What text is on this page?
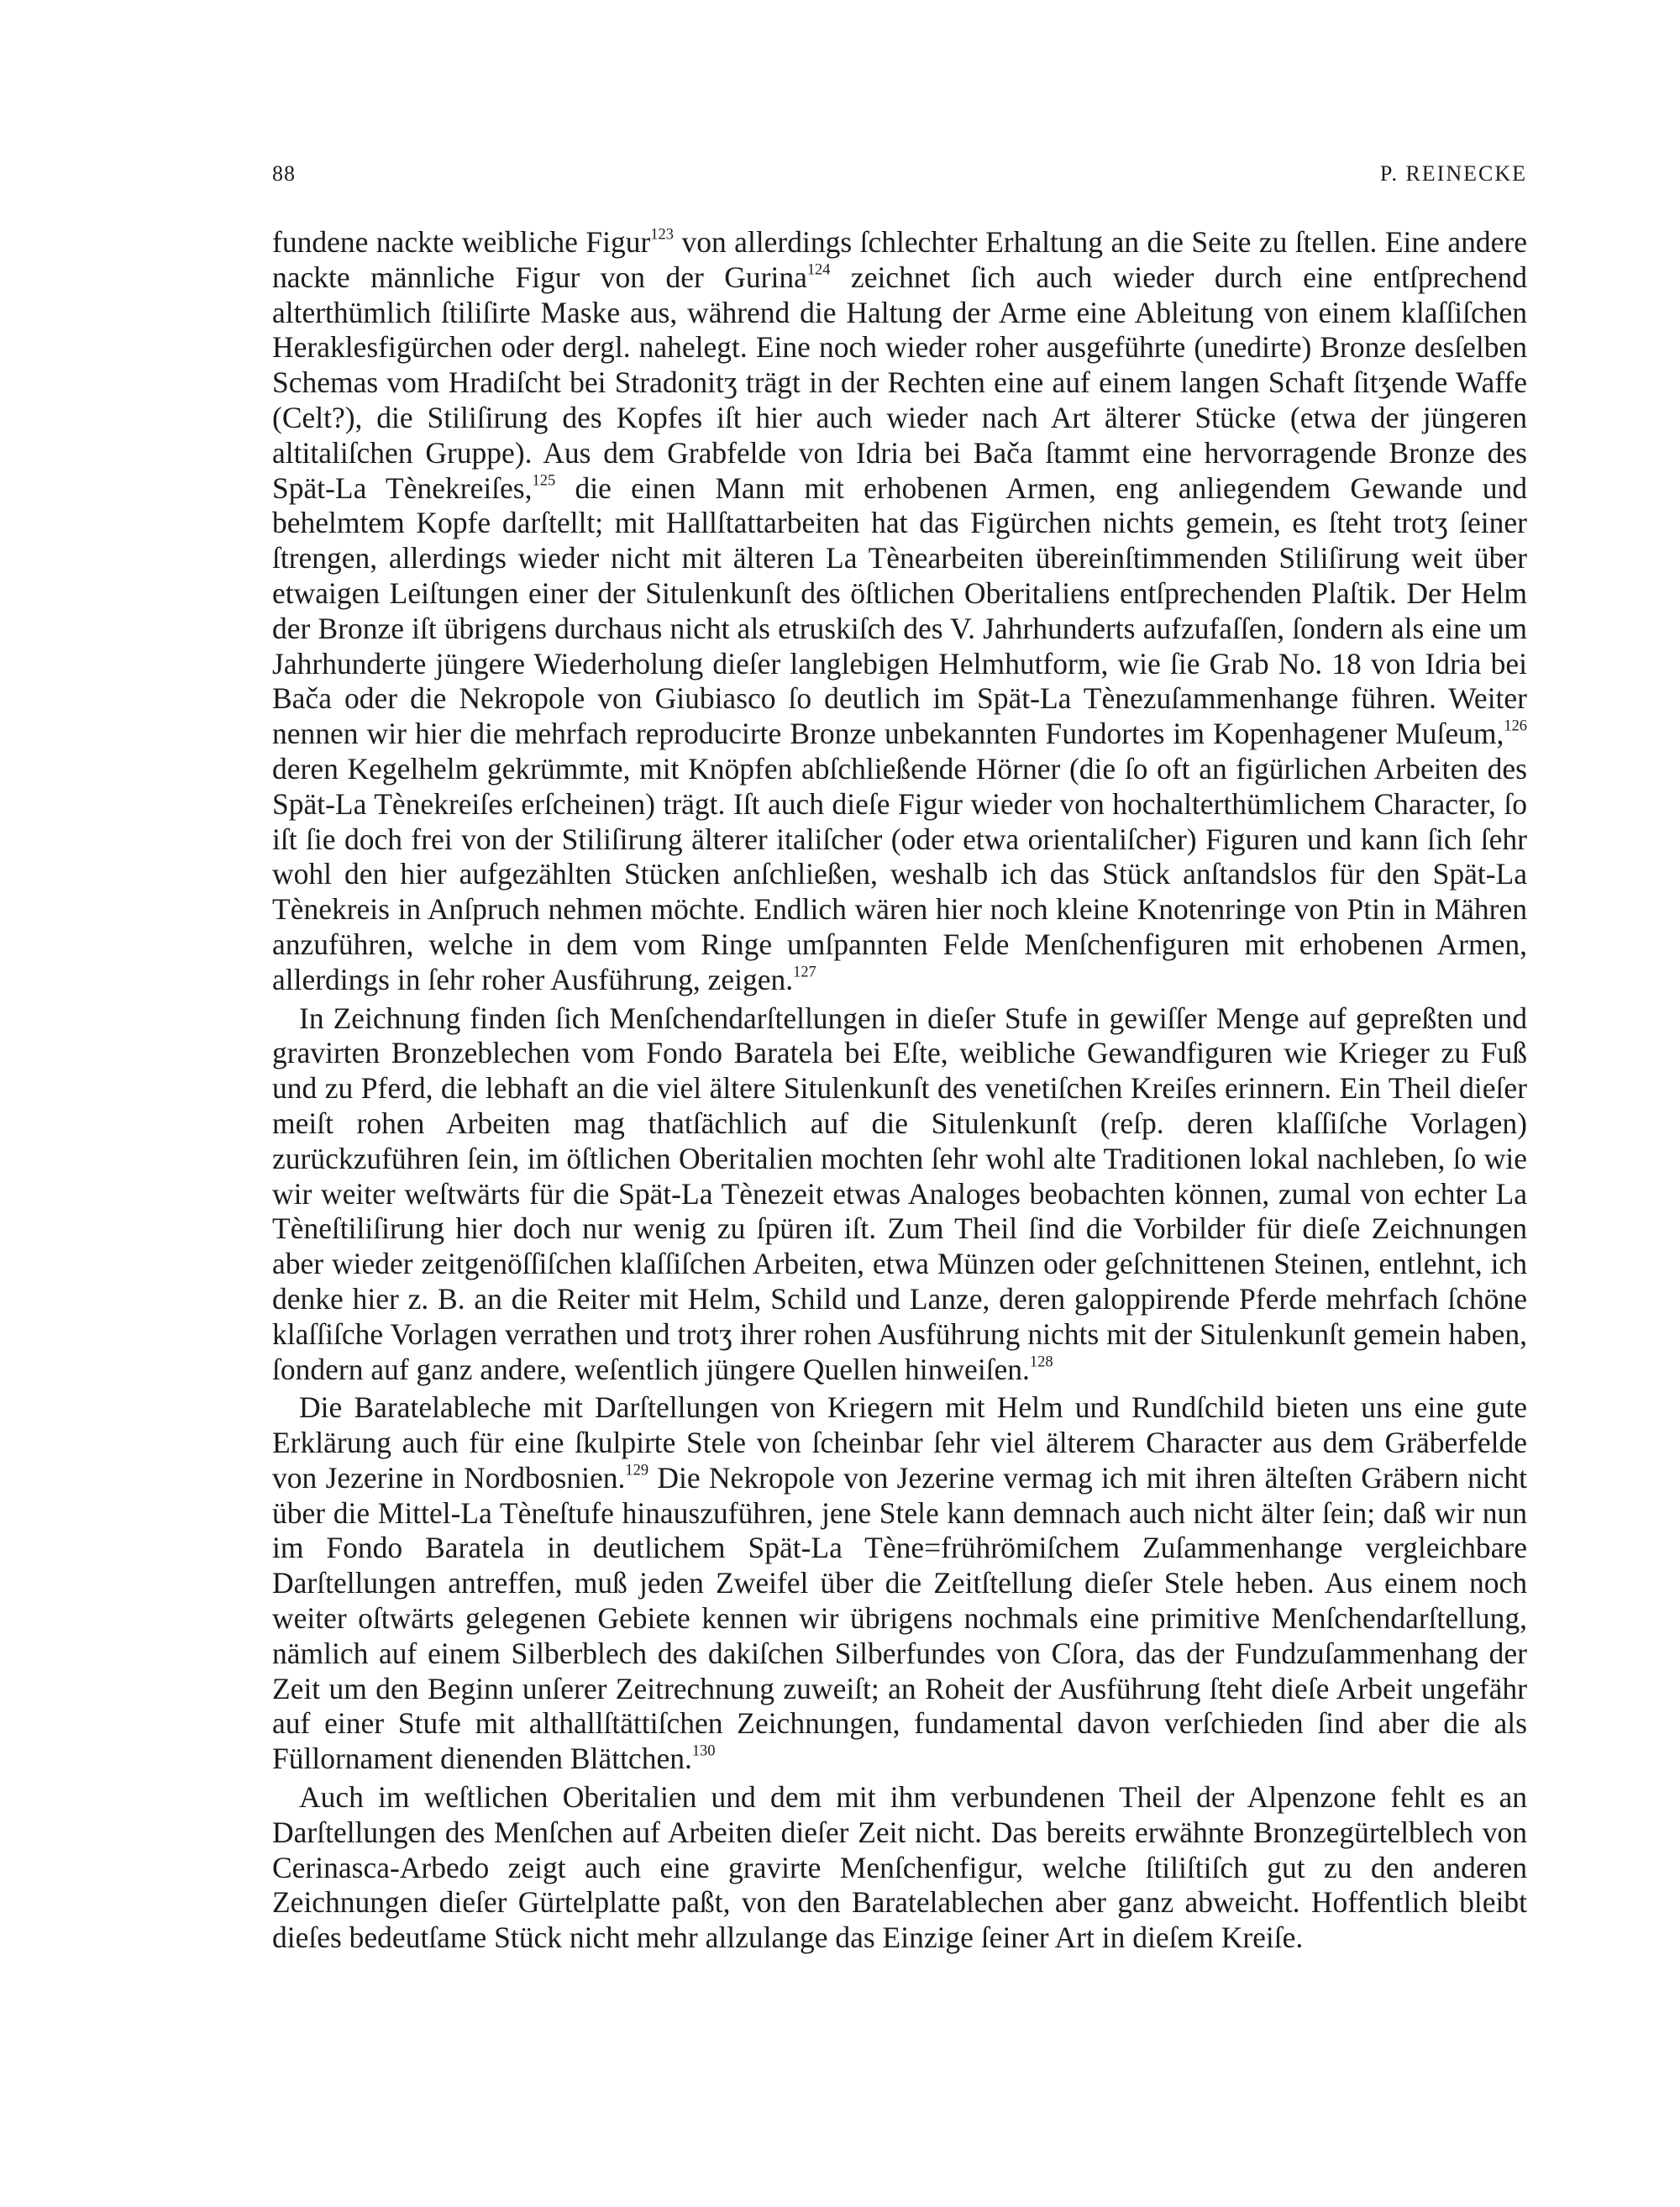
88	P. REINECKE

fundene nackte weibliche Figur$^{123}$ von allerdings ſchlechter Erhaltung an die Seite zu ſtellen. Eine andere nackte männliche Figur von der Gurina$^{124}$ zeichnet ſich auch wieder durch eine entſprechend alterthümlich ſtiliſirte Maske aus, während die Haltung der Arme eine Ableitung von einem klaſſiſchen Heraklesfigürchen oder dergl. nahelegt. Eine noch wieder roher ausgeführte (unedirte) Bronze desſelben Schemas vom Hradiſcht bei Stradonitʒ trägt in der Rechten eine auf einem langen Schaft ſitʒende Waffe (Celt?), die Stiliſirung des Kopfes iſt hier auch wieder nach Art älterer Stücke (etwa der jüngeren altitaliſchen Gruppe). Aus dem Grabfelde von Idria bei Bača ſtammt eine hervorragende Bronze des Spät-La Tènekreiſes,$^{125}$ die einen Mann mit erhobenen Armen, eng anliegendem Gewande und behelmtem Kopfe darſtellt; mit Hallſtattarbeiten hat das Figürchen nichts gemein, es ſteht trotʒ ſeiner ſtrengen, allerdings wieder nicht mit älteren La Tènearbeiten übereinſtimmenden Stiliſirung weit über etwaigen Leiſtungen einer der Situlenkunſt des öſtlichen Oberitaliens entſprechenden Plaſtik. Der Helm der Bronze iſt übrigens durchaus nicht als etruskiſch des V. Jahrhunderts aufzufaſſen, ſondern als eine um Jahrhunderte jüngere Wiederholung dieſer langlebigen Helmhutform, wie ſie Grab No. 18 von Idria bei Bača oder die Nekropole von Giubiasco ſo deutlich im Spät-La Tènezuſammenhange führen. Weiter nennen wir hier die mehrfach reproducirte Bronze unbekannten Fundortes im Kopenhagener Muſeum,$^{126}$ deren Kegelhelm gekrümmte, mit Knöpfen abſchließende Hörner (die ſo oft an figürlichen Arbeiten des Spät-La Tènekreiſes erſcheinen) trägt. Iſt auch dieſe Figur wieder von hochalterthümlichem Character, ſo iſt ſie doch frei von der Stiliſirung älterer italiſcher (oder etwa orientaliſcher) Figuren und kann ſich ſehr wohl den hier aufgezählten Stücken anſchließen, weshalb ich das Stück anſtandslos für den Spät-La Tènekreis in Anſpruch nehmen möchte. Endlich wären hier noch kleine Knotenringe von Ptin in Mähren anzuführen, welche in dem vom Ringe umſpannten Felde Menſchenfiguren mit erhobenen Armen, allerdings in ſehr roher Ausführung, zeigen.$^{127}$

In Zeichnung finden ſich Menſchendarſtellungen in dieſer Stufe in gewiſſer Menge auf gepreßten und gravirten Bronzeblechen vom Fondo Baratela bei Eſte, weibliche Gewandfiguren wie Krieger zu Fuß und zu Pferd, die lebhaft an die viel ältere Situlenkunſt des venetiſchen Kreiſes erinnern. Ein Theil dieſer meiſt rohen Arbeiten mag thatſächlich auf die Situlenkunſt (reſp. deren klaſſiſche Vorlagen) zurückzuführen ſein, im öſtlichen Oberitalien mochten ſehr wohl alte Traditionen lokal nachleben, ſo wie wir weiter weſtwärts für die Spät-La Tènezeit etwas Analoges beobachten können, zumal von echter La Tèneſtiliſirung hier doch nur wenig zu ſpüren iſt. Zum Theil ſind die Vorbilder für dieſe Zeichnungen aber wieder zeitgenöſſiſchen klaſſiſchen Arbeiten, etwa Münzen oder geſchnittenen Steinen, entlehnt, ich denke hier z. B. an die Reiter mit Helm, Schild und Lanze, deren galoppirende Pferde mehrfach ſchöne klaſſiſche Vorlagen verrathen und trotʒ ihrer rohen Ausführung nichts mit der Situlenkunſt gemein haben, ſondern auf ganz andere, weſentlich jüngere Quellen hinweiſen.$^{128}$

Die Baratelableche mit Darſtellungen von Kriegern mit Helm und Rundſchild bieten uns eine gute Erklärung auch für eine ſkulpirte Stele von ſcheinbar ſehr viel älterem Character aus dem Gräberfelde von Jezerine in Nordbosnien.$^{129}$ Die Nekropole von Jezerine vermag ich mit ihren älteſten Gräbern nicht über die Mittel-La Tèneſtufe hinauszuführen, jene Stele kann demnach auch nicht älter ſein; daß wir nun im Fondo Baratela in deutlichem Spät-La Tène=frührömiſchem Zuſammenhange vergleichbare Darſtellungen antreffen, muß jeden Zweifel über die Zeitſtellung dieſer Stele heben. Aus einem noch weiter oſtwärts gelegenen Gebiete kennen wir übrigens nochmals eine primitive Menſchendarſtellung, nämlich auf einem Silberblech des dakiſchen Silberfundes von Cſora, das der Fundzuſammenhang der Zeit um den Beginn unſerer Zeitrechnung zuweiſt; an Roheit der Ausführung ſteht dieſe Arbeit ungefähr auf einer Stufe mit althallſtättiſchen Zeichnungen, fundamental davon verſchieden ſind aber die als Füllornament dienenden Blättchen.$^{130}$

Auch im weſtlichen Oberitalien und dem mit ihm verbundenen Theil der Alpenzone fehlt es an Darſtellungen des Menſchen auf Arbeiten dieſer Zeit nicht. Das bereits erwähnte Bronzegürtelblech von Cerinasca-Arbedo zeigt auch eine gravirte Menſchenfigur, welche ſtiliſtiſch gut zu den anderen Zeichnungen dieſer Gürtelplatte paßt, von den Baratelablechen aber ganz abweicht. Hoffentlich bleibt dieſes bedeutſame Stück nicht mehr allzulange das Einzige ſeiner Art in dieſem Kreiſe.
